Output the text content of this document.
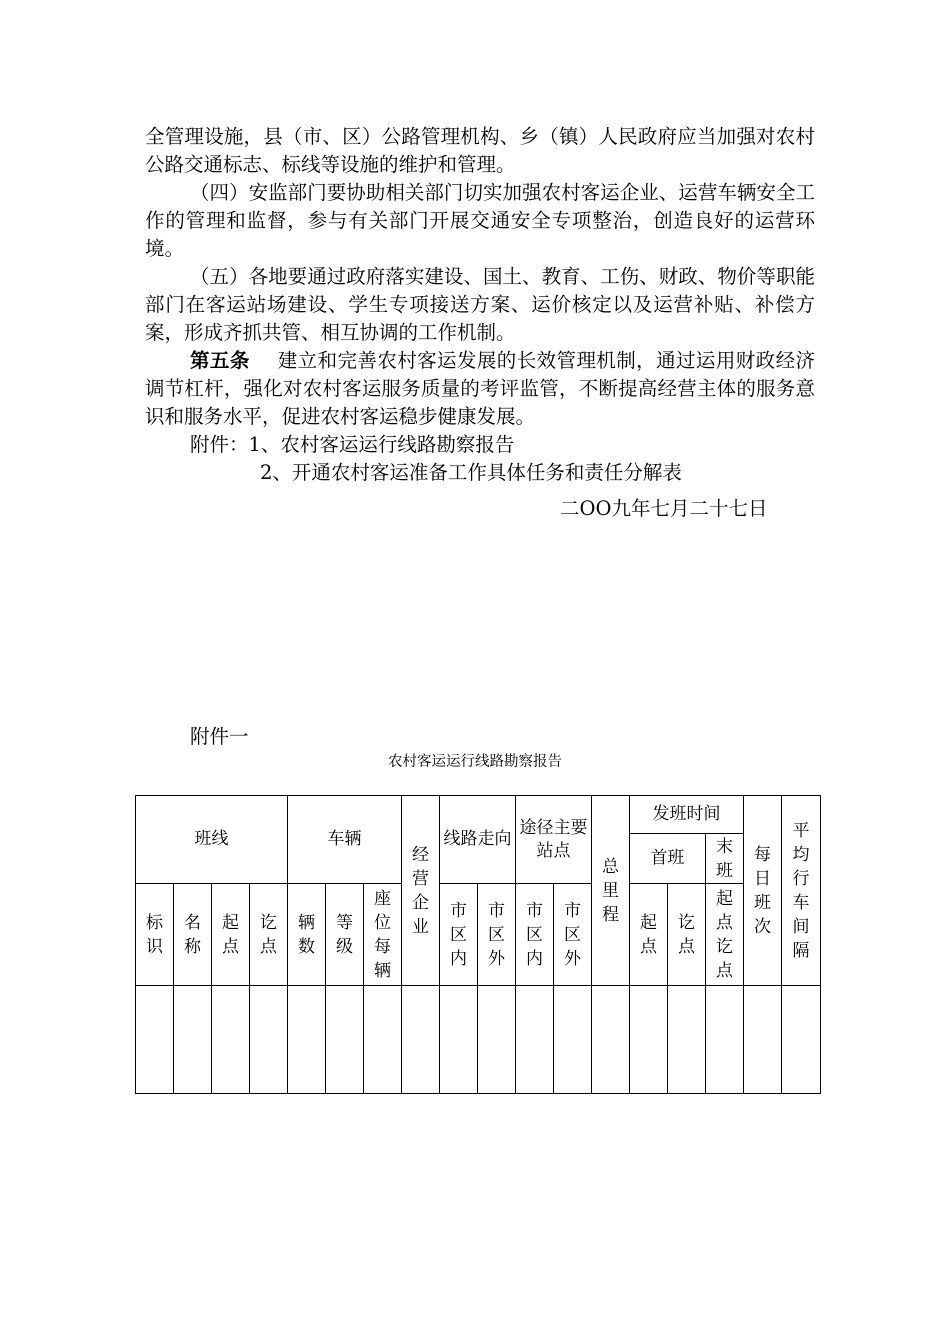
全管理设施，县（市、区）公路管理机构、乡（镇）人民政府应当加强对农村公路交通标志、标线等设施的维护和管理。

（四）安监部门要协助相关部门切实加强农村客运企业、运营车辆安全工作的管理和监督，参与有关部门开展交通安全专项整治，创造良好的运营环境。

（五）各地要通过政府落实建设、国土、教育、工伤、财政、物价等职能部门在客运站场建设、学生专项接送方案、运价核定以及运营补贴、补偿方案，形成齐抓共管、相互协调的工作机制。

第五条 建立和完善农村客运发展的长效管理机制，通过运用财政经济调节杠杆，强化对农村客运服务质量的考评监管，不断提高经营主体的服务意识和服务水平，促进农村客运稳步健康发展。

附件：1、农村客运运行线路勘察报告

2、开通农村客运准备工作具体任务和责任分解表

二OO九年七月二十七日
附件一
农村客运运行线路勘察报告
班线				车辆			经营企业	线路走向		途径主要站点		总里程	发班时间			每日班次	平均行车间隔
													首班		末班		
标识	名称	起点	讫点	辆数	等级	座位每辆		市区内	市区外	市区内	市区外		起点	讫点	起点讫点		
